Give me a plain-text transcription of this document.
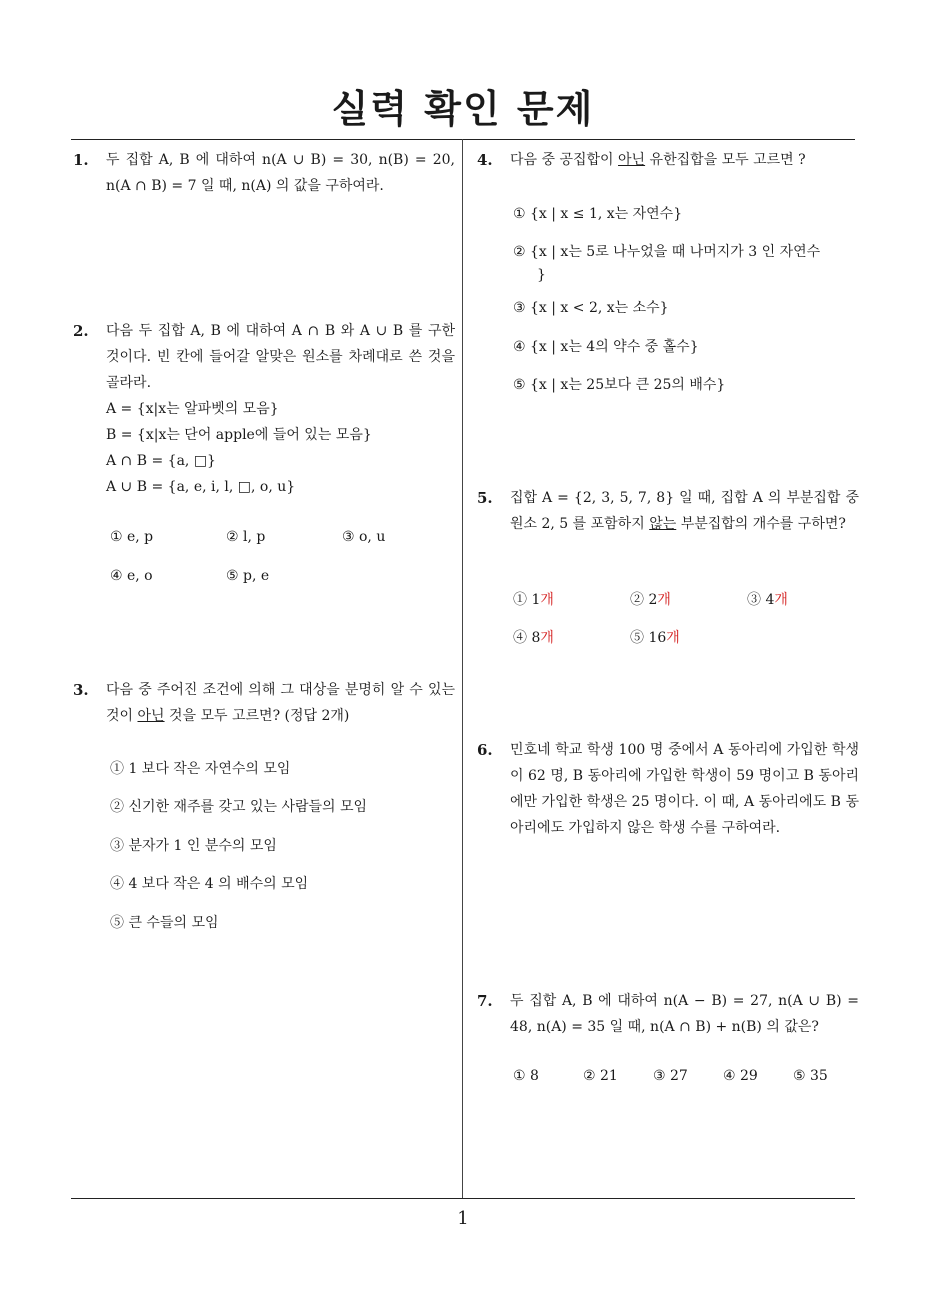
실력 확인 문제
1
1. 두 집합 A, B 에 대하여 n(A ∪ B) = 30, n(B) = 20, n(A ∩ B) = 7 일 때, n(A) 의 값을 구하여라.

2. 다음 두 집합 A, B 에 대하여 A ∩ B 와 A ∪ B 를 구한 것이다. 빈 칸에 들어갈 알맞은 원소를 차례대로 쓴 것을 골라라.

A = {x|x는 알파벳의 모음}

B = {x|x는 단어 apple에 들어 있는 모음}

A ∩ B = {a, □}

A ∪ B = {a, e, i, l, □, o, u}

① e, p	② l, p	③ o, u
④ e, o	⑤ p, e
3. 다음 중 주어진 조건에 의해 그 대상을 분명히 알 수 있는 것이 아닌 것을 모두 고르면? (정답 2개)

① 1 보다 작은 자연수의 모임
② 신기한 재주를 갖고 있는 사람들의 모임
③ 분자가 1 인 분수의 모임
④ 4 보다 작은 4 의 배수의 모임
⑤ 큰 수들의 모임
4. 다음 중 공집합이 아닌 유한집합을 모두 고르면 ?

① {x | x ≤ 1, x는 자연수}
② {x | x는 5로 나누었을 때 나머지가 3 인 자연수
}
③ {x | x < 2, x는 소수}
④ {x | x는 4의 약수 중 홀수}
⑤ {x | x는 25보다 큰 25의 배수}
5. 집합 A = {2, 3, 5, 7, 8} 일 때, 집합 A 의 부분집합 중 원소 2, 5 를 포함하지 않는 부분집합의 개수를 구하면?

① 1개	② 2개	③ 4개
④ 8개	⑤ 16개
6. 민호네 학교 학생 100 명 중에서 A 동아리에 가입한 학생이 62 명, B 동아리에 가입한 학생이 59 명이고 B 동아리에만 가입한 학생은 25 명이다. 이 때, A 동아리에도 B 동아리에도 가입하지 않은 학생 수를 구하여라.

7. 두 집합 A, B 에 대하여 n(A − B) = 27, n(A ∪ B) = 48, n(A) = 35 일 때, n(A ∩ B) + n(B) 의 값은?

① 8	② 21	③ 27	④ 29	⑤ 35
